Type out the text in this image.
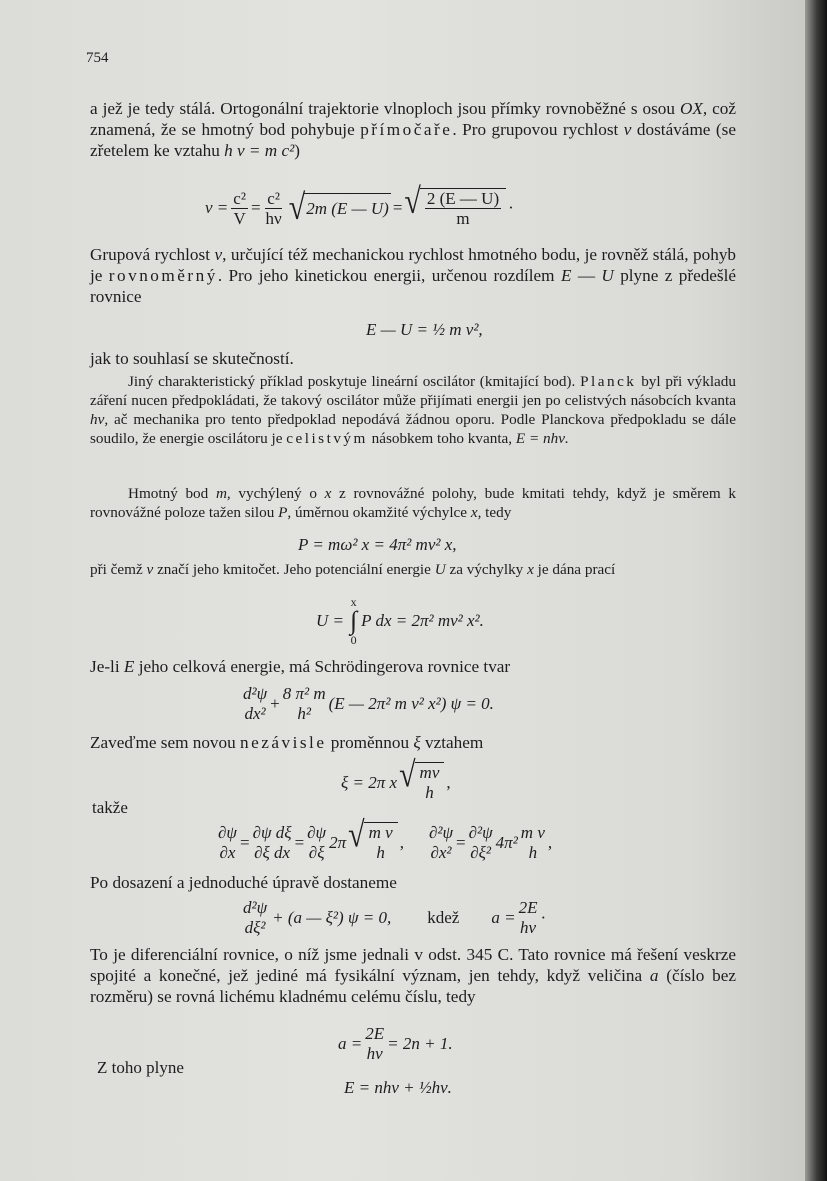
754

a jež je tedy stálá. Ortogonální trajektorie vlnoploch jsou přímky rovnoběžné s osou OX, což znamená, že se hmotný bod pohybuje přímočaře. Pro grupovou rychlost v dostáváme (se zřetelem ke vztahu h v = m c²)

$v = \frac{\text{c²}}{V} = \frac{\text{c²}}{h\nu}$ √ 2m (E — U) = √ $\frac{2 (E — U)}{m}$ ·

Grupová rychlost v, určující též mechanickou rychlost hmotného bodu, je rovněž stálá, pohyb je rovnoměrný. Pro jeho kinetickou energii, určenou rozdílem E — U plyne z předešlé rovnice

E — U = ½ m v²,

jak to souhlasí se skutečností.

Jiný charakteristický příklad poskytuje lineární oscilátor (kmitající bod). Planck byl při výkladu záření nucen předpokládati, že takový oscilátor může přijímati energii jen po celistvých násobcích kvanta hν, ač mechanika pro tento předpoklad nepodává žádnou oporu. Podle Planckova předpokladu se dále soudilo, že energie oscilátoru je celistvým násobkem toho kvanta, E = nhν.

Hmotný bod m, vychýlený o x z rovnovážné polohy, bude kmitati tehdy, když je směrem k rovnovážné poloze tažen silou P, úměrnou okamžité výchylce x, tedy

P = mω² x = 4π² mν² x,

při čemž ν značí jeho kmitočet. Jeho potenciální energie U za výchylky x je dána prací

U =
x
∫
0
P dx = 2π² mν² x².

Je-li E jeho celková energie, má Schrödingerova rovnice tvar

d²ψ
dx²
+
8 π² m
h²
(E — 2π² m ν² x²) ψ = 0.

Zaveďme sem novou nezávisle proměnnou ξ vztahem

ξ = 2π x √ mν
h
,
takže
∂ψ
∂x
=
∂ψ dξ
∂ξ dx
=
∂ψ
∂ξ
2π √ m ν
h
,
∂²ψ
∂x²
=
∂²ψ
∂ξ²
4π²
m ν
h
,

Po dosazení a jednoduché úpravě dostaneme

d²ψ
dξ²
+ (a — ξ²) ψ = 0, kdež a =
2E
hν
·

To je diferenciální rovnice, o níž jsme jednali v odst. 345 C. Tato rovnice má řešení veskrze spojité a konečné, jež jediné má fysikální význam, jen tehdy, když veličina a (číslo bez rozměru) se rovná lichému kladnému celému číslu, tedy

a =
2E
hν
= 2n + 1.
Z toho plyne
E = nhν + ½hν.
